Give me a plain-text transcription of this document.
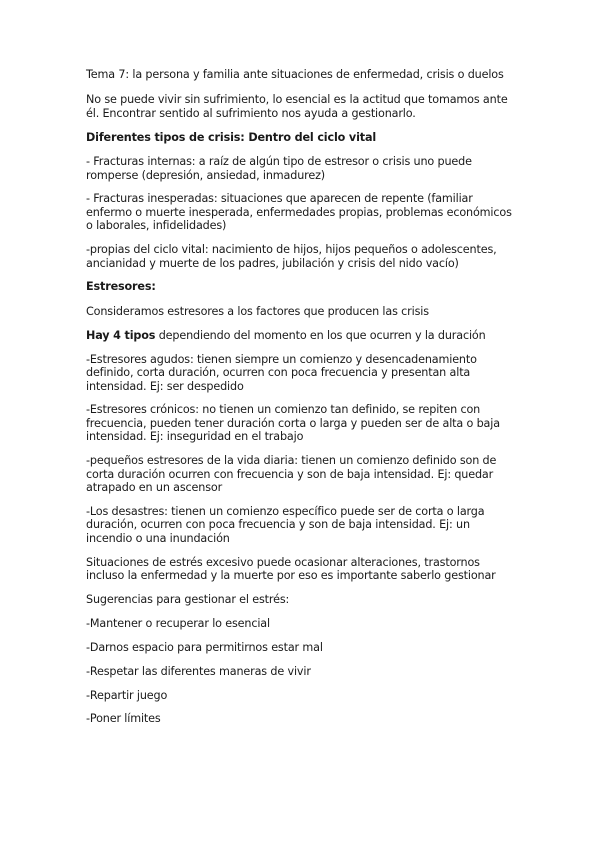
Tema 7: la persona y familia ante situaciones de enfermedad, crisis o duelos

No se puede vivir sin sufrimiento, lo esencial es la actitud que tomamos ante él. Encontrar sentido al sufrimiento nos ayuda a gestionarlo.

Diferentes tipos de crisis: Dentro del ciclo vital

- Fracturas internas: a raíz de algún tipo de estresor o crisis uno puede romperse (depresión, ansiedad, inmadurez)

- Fracturas inesperadas: situaciones que aparecen de repente (familiar enfermo o muerte inesperada, enfermedades propias, problemas económicos o laborales, infidelidades)

-propias del ciclo vital: nacimiento de hijos, hijos pequeños o adolescentes, ancianidad y muerte de los padres, jubilación y crisis del nido vacío)

Estresores:

Consideramos estresores a los factores que producen las crisis

Hay 4 tipos dependiendo del momento en los que ocurren y la duración

-Estresores agudos: tienen siempre un comienzo y desencadenamiento definido, corta duración, ocurren con poca frecuencia y presentan alta intensidad. Ej: ser despedido

-Estresores crónicos: no tienen un comienzo tan definido, se repiten con frecuencia, pueden tener duración corta o larga y pueden ser de alta o baja intensidad. Ej: inseguridad en el trabajo

-pequeños estresores de la vida diaria: tienen un comienzo definido son de corta duración ocurren con frecuencia y son de baja intensidad. Ej: quedar atrapado en un ascensor

-Los desastres: tienen un comienzo específico puede ser de corta o larga duración, ocurren con poca frecuencia y son de baja intensidad. Ej: un incendio o una inundación

Situaciones de estrés excesivo puede ocasionar alteraciones, trastornos incluso la enfermedad y la muerte por eso es importante saberlo gestionar

Sugerencias para gestionar el estrés:

-Mantener o recuperar lo esencial

-Darnos espacio para permitirnos estar mal

-Respetar las diferentes maneras de vivir

-Repartir juego

-Poner límites
